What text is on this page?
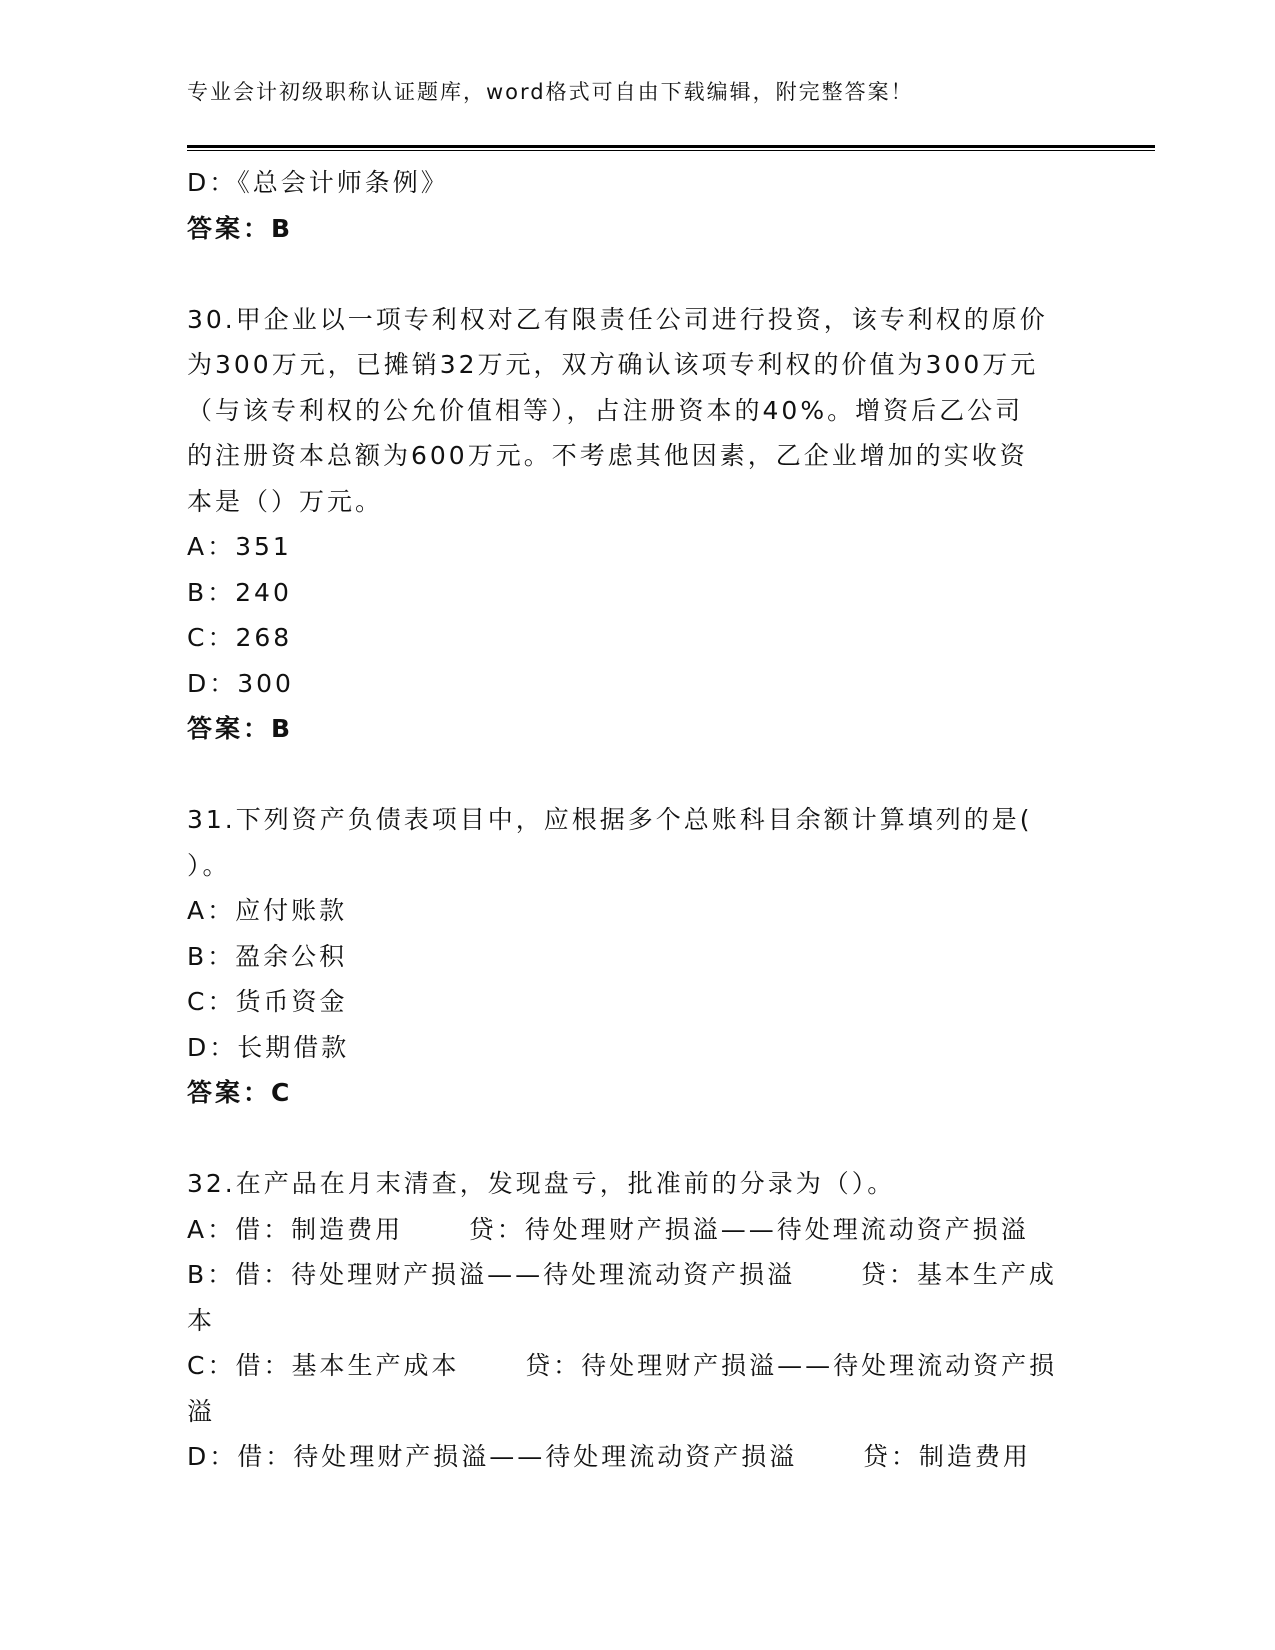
专业会计初级职称认证题库，word格式可自由下载编辑，附完整答案！
D：《总会计师条例》
答案：B
30.甲企业以一项专利权对乙有限责任公司进行投资，该专利权的原价
为300万元，已摊销32万元，双方确认该项专利权的价值为300万元
（与该专利权的公允价值相等），占注册资本的40%。增资后乙公司
的注册资本总额为600万元。不考虑其他因素，乙企业增加的实收资
本是（）万元。
A：351
B：240
C：268
D：300
答案：B
31.下列资产负债表项目中，应根据多个总账科目余额计算填列的是(
）。
A：应付账款
B：盈余公积
C：货币资金
D：长期借款
答案：C
32.在产品在月末清查，发现盘亏，批准前的分录为（）。
A：借：制造费用      贷：待处理财产损溢——待处理流动资产损溢
B：借：待处理财产损溢——待处理流动资产损溢      贷：基本生产成
本
C：借：基本生产成本      贷：待处理财产损溢——待处理流动资产损
溢
D：借：待处理财产损溢——待处理流动资产损溢      贷：制造费用
